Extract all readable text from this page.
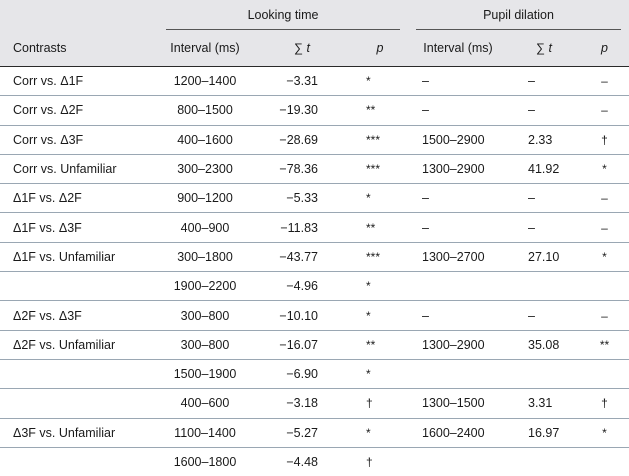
	Looking time			Pupil dilation		

Contrasts	Interval (ms)	∑ t	p	Interval (ms)	∑ t	p
Corr vs. Δ1F	1200–1400	−3.31	*	–	–	–
Corr vs. Δ2F	800–1500	−19.30	**	–	–	–
Corr vs. Δ3F	400–1600	−28.69	***	1500–2900	2.33	†
Corr vs. Unfamiliar	300–2300	−78.36	***	1300–2900	41.92	*
Δ1F vs. Δ2F	900–1200	−5.33	*	–	–	–
Δ1F vs. Δ3F	400–900	−11.83	**	–	–	–
Δ1F vs. Unfamiliar	300–1800	−43.77	***	1300–2700	27.10	*
	1900–2200	−4.96	*			
Δ2F vs. Δ3F	300–800	−10.10	*	–	–	–
Δ2F vs. Unfamiliar	300–800	−16.07	**	1300–2900	35.08	**
	1500–1900	−6.90	*			
	400–600	−3.18	†	1300–1500	3.31	†
Δ3F vs. Unfamiliar	1100–1400	−5.27	*	1600–2400	16.97	*
	1600–1800	−4.48	†			
